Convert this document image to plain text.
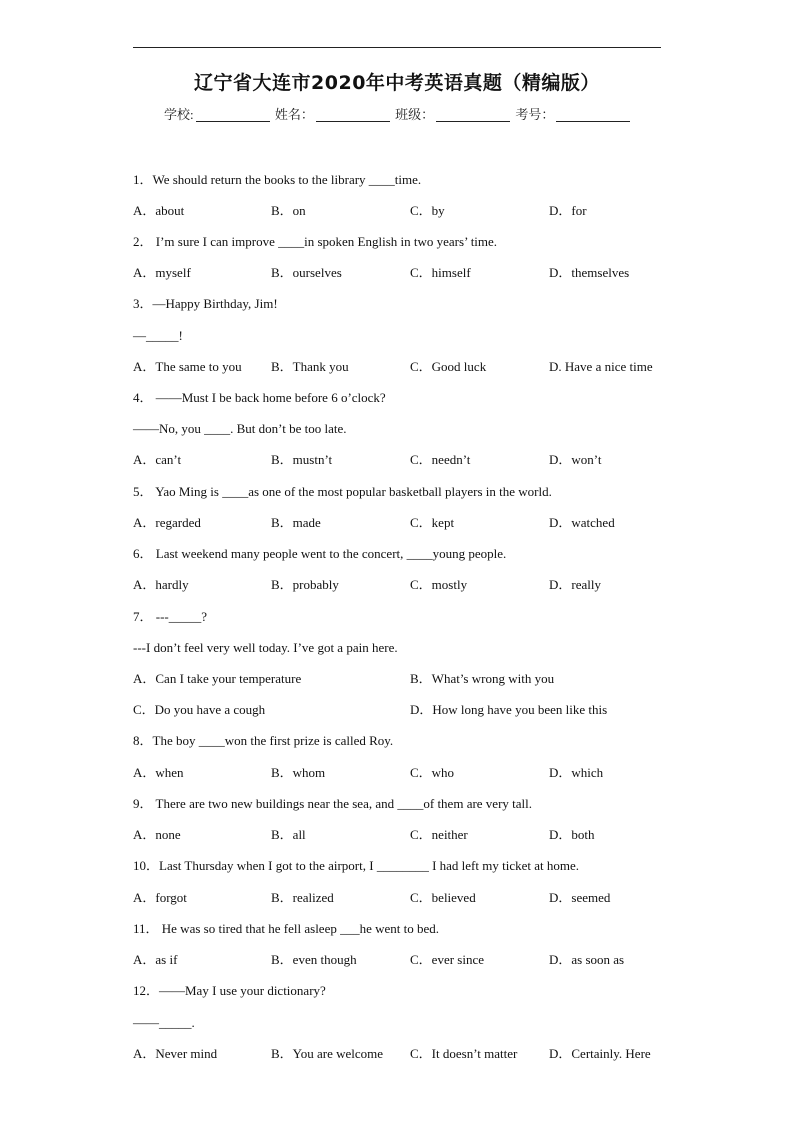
辽宁省大连市2020年中考英语真题（精编版）
学校:	姓名：	班级：	考号：
1．We should return the books to the library ____time.
A．about	B．on	C．by	D．for
2． I’m sure I can improve ____in spoken English in two years’ time.
A．myself	B．ourselves	C．himself	D．themselves
3．—Happy Birthday, Jim!
—_____!
A．The same to you B．Thank you	C．Good luck	D. Have a nice time
4． ——Must I be back home before 6 o’clock?
——No, you ____. But don’t be too late.
A．can’t	B．mustn’t	C．needn’t	D．won’t
5． Yao Ming is ____as one of the most popular basketball players in the world.
A．regarded	B．made	C．kept	D．watched
6． Last weekend many people went to the concert, ____young people.
A．hardly	B．probably	C．mostly	D．really
7． ---_____?
---I don’t feel very well today. I’ve got a pain here.
A．Can I take your temperature	B．What’s wrong with you
C．Do you have a cough	D．How long have you been like this
8．The boy ____won the first prize is called Roy.
A．when	B．whom	C．who	D．which
9． There are two new buildings near the sea, and ____of them are very tall.
A．none	B．all	C．neither	D．both
10．Last Thursday when I got to the airport, I ________ I had left my ticket at home.
A．forgot	B．realized	C．believed	D．seemed
11． He was so tired that he fell asleep ___he went to bed.
A．as if	B．even though	C．ever since	D．as soon as
12．——May I use your dictionary?
——_____.
A．Never mind	B．You are welcome C．It doesn’t matter D．Certainly. Here
